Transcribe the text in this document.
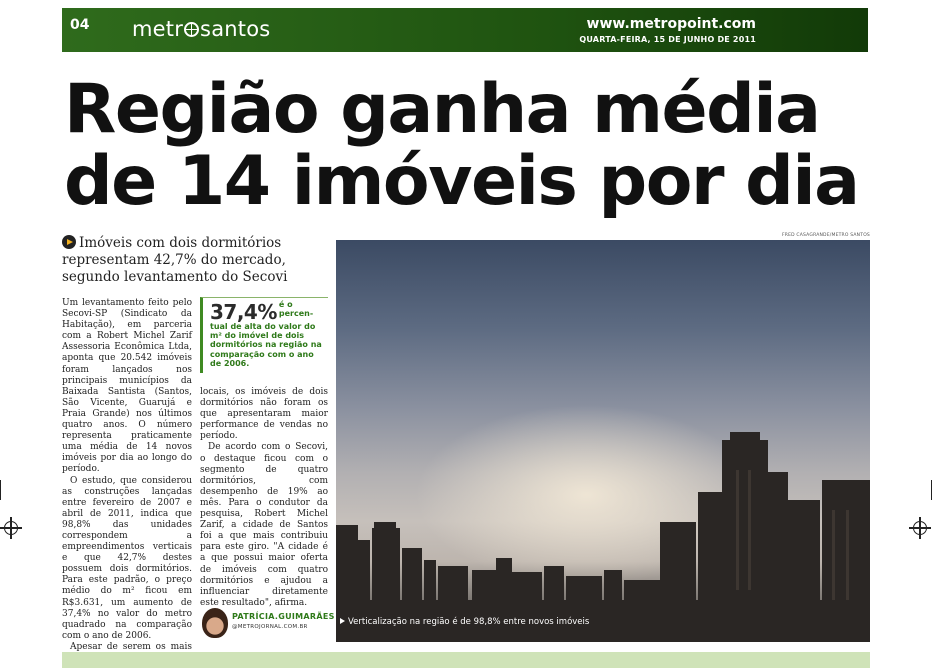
04 metr santos	www.metropoint.com
QUARTA-FEIRA, 15 DE JUNHO DE 2011
Região ganha média
de 14 imóveis por dia
Imóveis com dois dormitórios representam 42,7% do mercado, segundo levantamento do Secovi

Um levantamento feito pelo Secovi-SP (Sindicato da Habitação), em parceria com a Robert Michel Zarif Assessoria Econômica Ltda, aponta que 20.542 imóveis foram lançados nos principais municípios da Baixada Santista (Santos, São Vicente, Guarujá e Praia Grande) nos últimos quatro anos. O número representa praticamente uma média de 14 novos imóveis por dia ao longo do período.

O estudo, que considerou as construções lançadas entre fevereiro de 2007 e abril de 2011, indica que 98,8% das unidades correspondem a empreendimentos verticais e que 42,7% destes possuem dois dormitórios. Para este padrão, o preço médio do m² ficou em R$3.631, um aumento de 37,4% no valor do metro quadrado na comparação com o ano de 2006.

Apesar de serem os mais

37,4% é o percen-
tual de alta do valor do m² do imóvel de dois dormitórios na região na comparação com o ano de 2006.

locais, os imóveis de dois dormitórios não foram os que apresentaram maior performance de vendas no período.

De acordo com o Secovi, o destaque ficou com o segmento de quatro dormitórios, com desempenho de 19% ao mês. Para o condutor da pesquisa, Robert Michel Zarif, a cidade de Santos foi a que mais contribuiu para este giro. "A cidade é a que possui maior oferta de imóveis com quatro dormitórios e ajudou a influenciar diretamente este resultado", afirma.

PATRÍCIA.GUIMARÃES
@METROJORNAL.COM.BR
FRED CASAGRANDE/METRO SANTOS
Verticalização na região é de 98,8% entre novos imóveis
